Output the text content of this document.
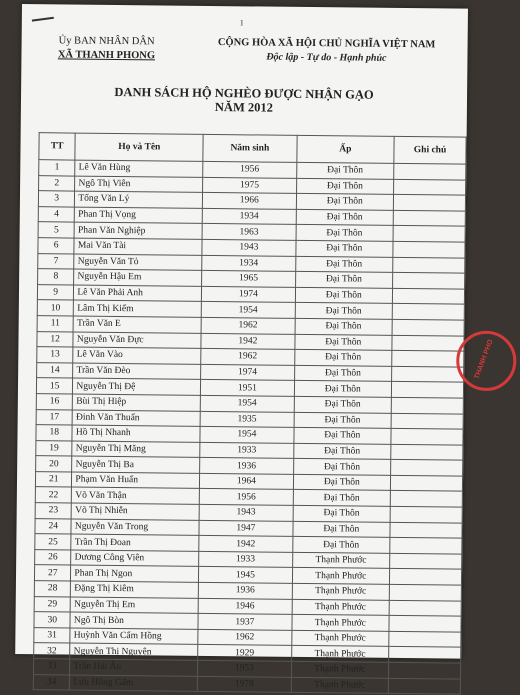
1
Ủy BAN NHÂN DÂN
XÃ THANH PHONG
CỘNG HÒA XÃ HỘI CHỦ NGHĨA VIỆT NAM
Độc lập - Tự do - Hạnh phúc
DANH SÁCH HỘ NGHÈO ĐƯỢC NHẬN GẠO
NĂM 2012
TT	Họ và Tên	Năm sinh	Ấp	Ghi chú
1	Lê Văn Hùng	1956	Đại Thôn	
2	Ngô Thị Viên	1975	Đại Thôn	
3	Tống Văn Lý	1966	Đại Thôn	
4	Phan Thị Vọng	1934	Đại Thôn	
5	Phan Văn Nghiệp	1963	Đại Thôn	
6	Mai Văn Tài	1943	Đại Thôn	
7	Nguyễn Văn Tỏ	1934	Đại Thôn	
8	Nguyễn Hậu Em	1965	Đại Thôn	
9	Lê Văn Phải Anh	1974	Đại Thôn	
10	Lâm Thị Kiếm	1954	Đại Thôn	
11	Trần Văn E	1962	Đại Thôn	
12	Nguyễn Văn Đực	1942	Đại Thôn	
13	Lê Văn Vào	1962	Đại Thôn	
14	Trần Văn Đèo	1974	Đại Thôn	
15	Nguyễn Thị Đệ	1951	Đại Thôn	
16	Bùi Thị Hiệp	1954	Đại Thôn	
17	Đinh Văn Thuấn	1935	Đại Thôn	
18	Hồ Thị Nhanh	1954	Đại Thôn	
19	Nguyễn Thị Măng	1933	Đại Thôn	
20	Nguyễn Thị Ba	1936	Đại Thôn	
21	Phạm Văn Huấn	1964	Đại Thôn	
22	Võ Văn Thận	1956	Đại Thôn	
23	Võ Thị Nhiễn	1943	Đại Thôn	
24	Nguyễn Văn Trong	1947	Đại Thôn	
25	Trần Thị Đoan	1942	Đại Thôn	
26	Dương Công Viên	1933	Thạnh Phước	
27	Phan Thị Ngon	1945	Thạnh Phước	
28	Đặng Thị Kiêm	1936	Thạnh Phước	
29	Nguyễn Thị Em	1946	Thạnh Phước	
30	Ngô Thị Bòn	1937	Thạnh Phước	
31	Huỳnh Văn Cẩm Hồng	1962	Thạnh Phước	
32	Nguyễn Thị Nguyên	1929	Thạnh Phước	
33	Trần Hải Âu	1953	Thạnh Phước	
34	Lưu Hồng Gấm	1978	Thạnh Phước	
THANH PHO
